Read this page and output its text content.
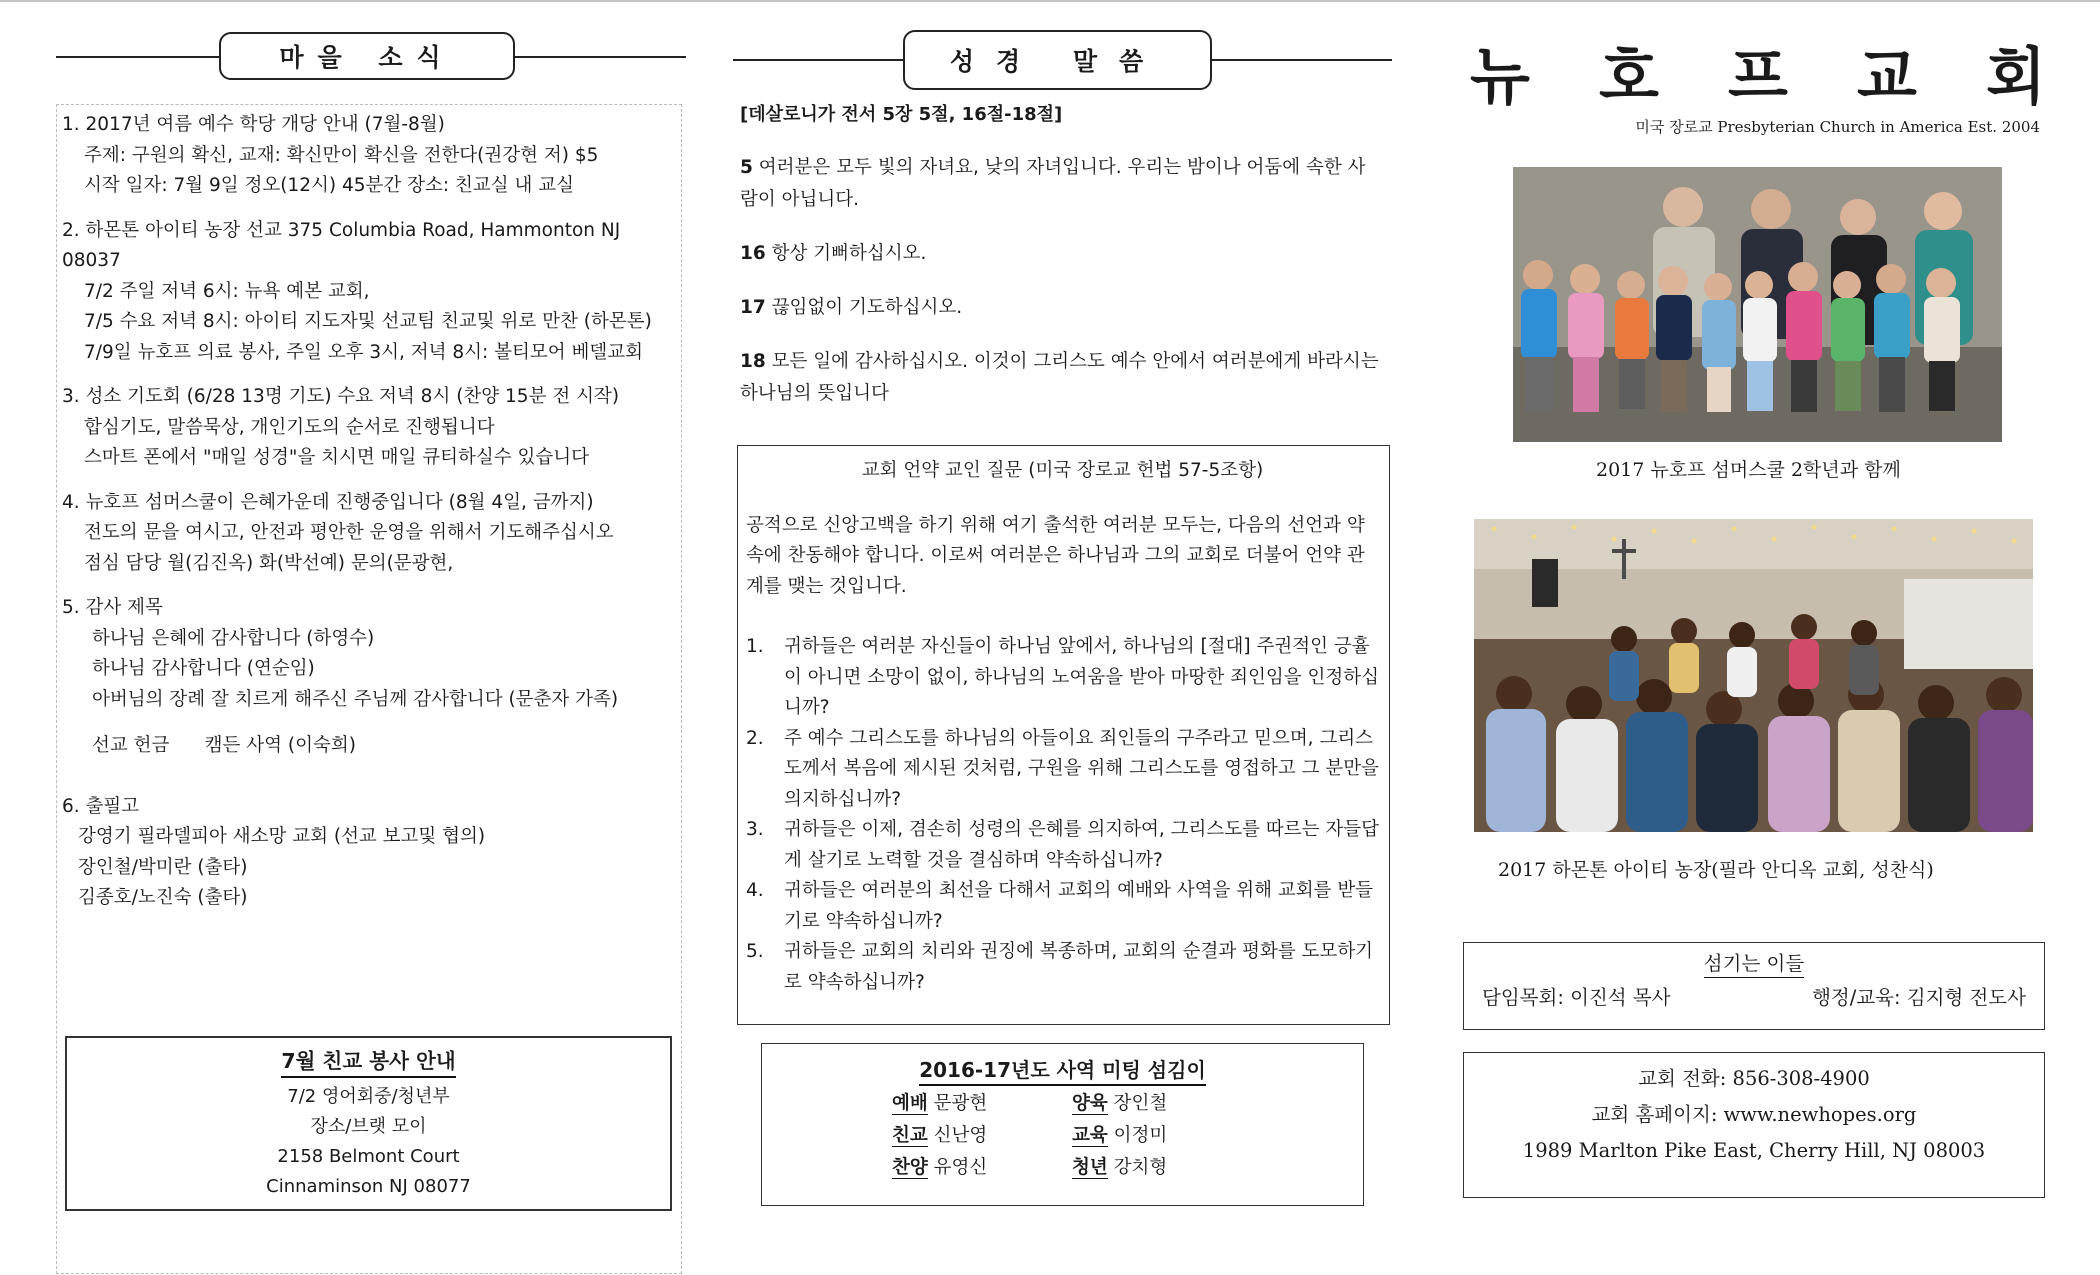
마을 소식
1. 2017년 여름 예수 학당 개당 안내 (7월-8월)
주제: 구원의 확신, 교재: 확신만이 확신을 전한다(권강현 저) $5
시작 일자: 7월 9일 정오(12시) 45분간 장소: 친교실 내 교실
2. 하몬톤 아이티 농장 선교 375 Columbia Road, Hammonton NJ 08037
7/2 주일 저녁 6시: 뉴욕 예본 교회,
7/5 수요 저녁 8시: 아이티 지도자및 선교팀 친교및 위로 만찬 (하몬톤)
7/9일 뉴호프 의료 봉사, 주일 오후 3시, 저녁 8시: 볼티모어 베델교회
3. 성소 기도회 (6/28 13명 기도) 수요 저녁 8시 (찬양 15분 전 시작)
합심기도, 말씀묵상, 개인기도의 순서로 진행됩니다
스마트 폰에서 "매일 성경"을 치시면 매일 큐티하실수 있습니다
4. 뉴호프 섬머스쿨이 은혜가운데 진행중입니다 (8월 4일, 금까지)
전도의 문을 여시고, 안전과 평안한 운영을 위해서 기도해주십시오
점심 담당 월(김진옥) 화(박선예) 문의(문광현,
5. 감사 제목
하나님 은혜에 감사합니다 (하영수)
하나님 감사합니다 (연순임)
아버님의 장례 잘 치르게 해주신 주님께 감사합니다 (문춘자 가족)
선교 헌금      캠든 사역 (이숙희)
6. 출필고
강영기 필라델피아 새소망 교회 (선교 보고및 협의)
장인철/박미란 (출타)
김종호/노진숙 (출타)
7월 친교 봉사 안내
7/2 영어회중/청년부
장소/브랫 모이
2158 Belmont Court
Cinnaminson NJ 08077
성경 말씀
[데살로니가 전서 5장 5절, 16절-18절]

5 여러분은 모두 빛의 자녀요, 낮의 자녀입니다. 우리는 밤이나 어둠에 속한 사람이 아닙니다.

16 항상 기뻐하십시오.

17 끊임없이 기도하십시오.

18 모든 일에 감사하십시오. 이것이 그리스도 예수 안에서 여러분에게 바라시는 하나님의 뜻입니다

교회 언약 교인 질문 (미국 장로교 헌법 57-5조항)
공적으로 신앙고백을 하기 위해 여기 출석한 여러분 모두는, 다음의 선언과 약속에 찬동해야 합니다. 이로써 여러분은 하나님과 그의 교회로 더불어 언약 관계를 맺는 것입니다.
1.	귀하들은 여러분 자신들이 하나님 앞에서, 하나님의 [절대] 주권적인 긍휼이 아니면 소망이 없이, 하나님의 노여움을 받아 마땅한 죄인임을 인정하십니까?
2.	주 예수 그리스도를 하나님의 아들이요 죄인들의 구주라고 믿으며, 그리스도께서 복음에 제시된 것처럼, 구원을 위해 그리스도를 영접하고 그 분만을 의지하십니까?
3.	귀하들은 이제, 겸손히 성령의 은혜를 의지하여, 그리스도를 따르는 자들답게 살기로 노력할 것을 결심하며 약속하십니까?
4.	귀하들은 여러분의 최선을 다해서 교회의 예배와 사역을 위해 교회를 받들기로 약속하십니까?
5.	귀하들은 교회의 치리와 권징에 복종하며, 교회의 순결과 평화를 도모하기로 약속하십니까?
2016-17년도 사역 미팅 섬김이
예배 문광현	양육 장인철
친교 신난영	교육 이정미
찬양 유영신	청년 강치형
뉴 호 프 교 회
미국 장로교 Presbyterian Church in America Est. 2004
2017 뉴호프 섬머스쿨 2학년과 함께
2017 하몬톤 아이티 농장(필라 안디옥 교회, 성찬식)
섬기는 이들
담임목회: 이진석 목사	행정/교육: 김지형 전도사
교회 전화: 856-308-4900
교회 홈페이지: www.newhopes.org
1989 Marlton Pike East, Cherry Hill, NJ 08003
